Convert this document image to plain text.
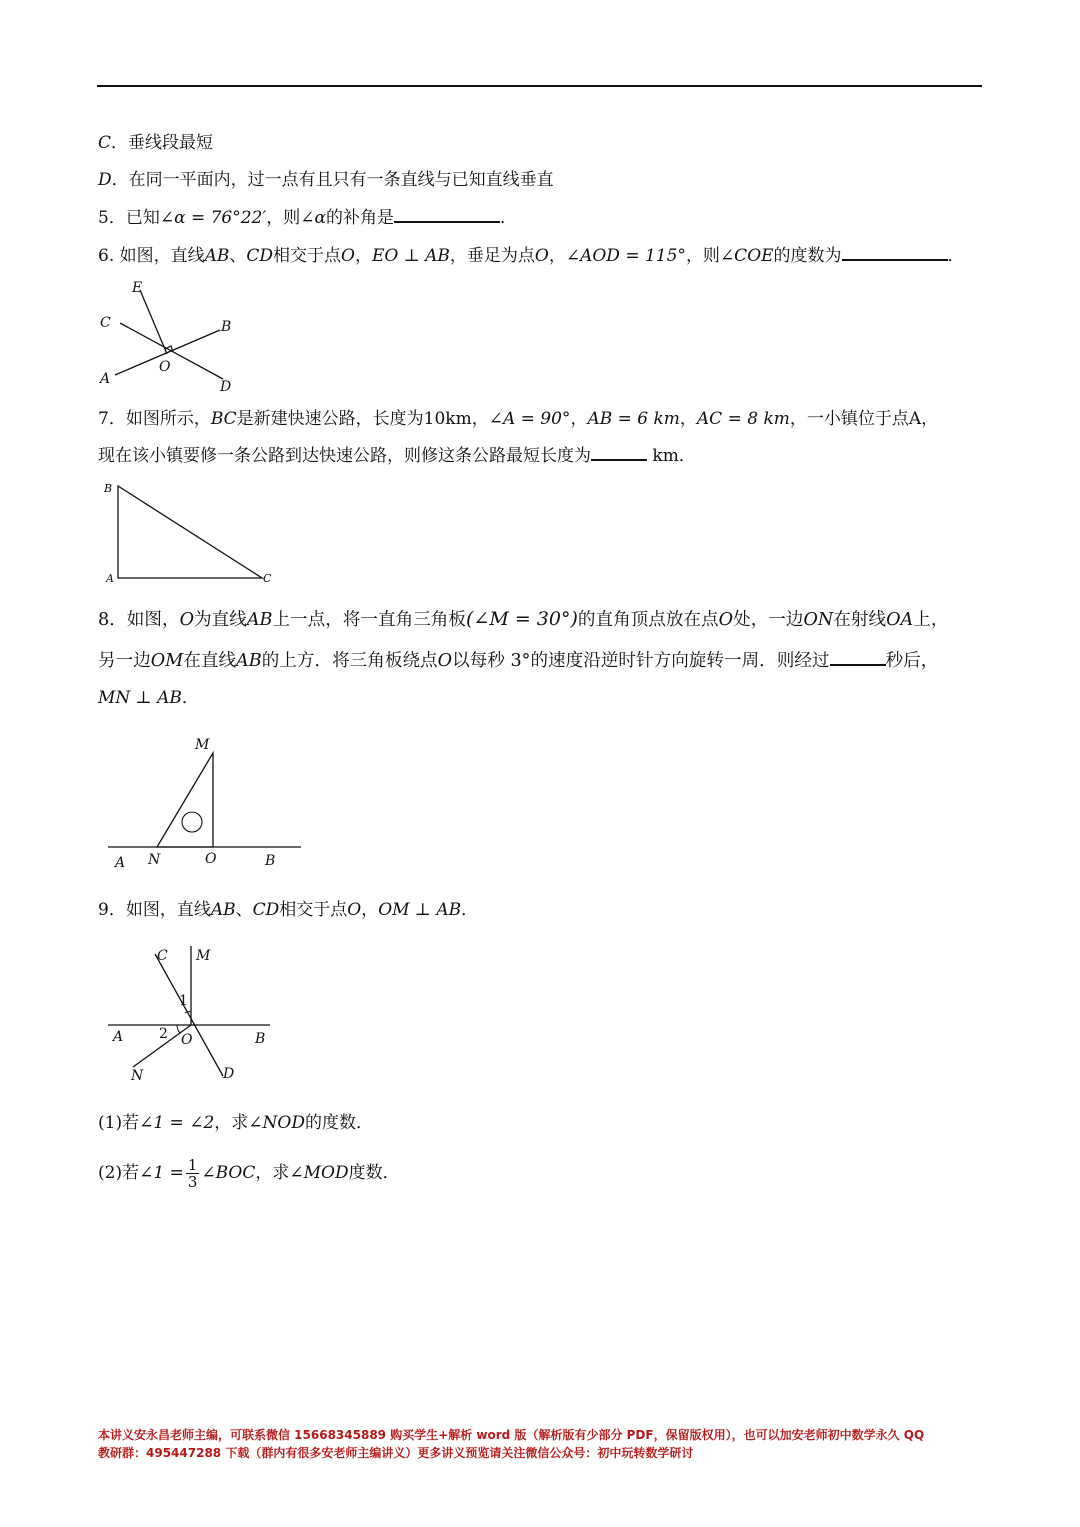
C．垂线段最短
D．在同一平面内，过一点有且只有一条直线与已知直线垂直
5．已知∠α = 76°22′，则∠α的补角是	．
6. 如图，直线AB、CD相交于点O，EO ⊥ AB，垂足为点O，∠AOD = 115°，则∠COE的度数为	．
E
C	B
A
O
D
7．如图所示，BC是新建快速公路，长度为10km，∠A = 90°，AB = 6 km，AC = 8 km，一小镇位于点A，
现在该小镇要修一条公路到达快速公路，则修这条公路最短长度为	km．
B
A	C
8．如图，O为直线AB上一点，将一直角三角板(∠M = 30°)的直角顶点放在点O处，一边ON在射线OA上，
另一边OM在直线AB的上方．将三角板绕点O以每秒 3°的速度沿逆时针方向旋转一周．则经过	秒后，
MN ⊥ AB．
M
A N	O	B
9．如图，直线AB、CD相交于点O，OM ⊥ AB．
C M
1
2
A	O	B
N	D
(1)若∠1 = ∠2，求∠NOD的度数．
(2)若∠1 = $\frac{1}{3}$ ∠BOC，求∠MOD度数．
本讲义安永昌老师主编，可联系微信 15668345889 购买学生+解析 word 版（解析版有少部分 PDF，保留版权用），也可以加安老师初中数学永久 QQ
教研群：495447288 下载（群内有很多安老师主编讲义）更多讲义预览请关注微信公众号：初中玩转数学研讨
